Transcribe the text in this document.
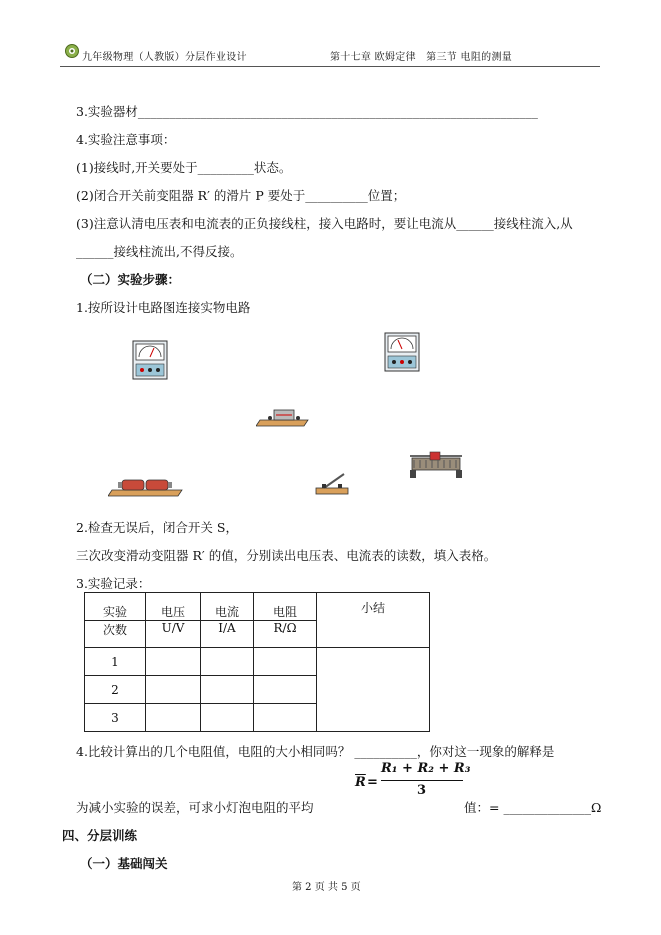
九年级物理（人教版）分层作业设计	第十七章 欧姆定律　第三节 电阻的测量
3.实验器材________________________________________________________________
4.实验注意事项：
(1)接线时,开关要处于_________状态。
(2)闭合开关前变阻器 R′ 的滑片 P 要处于__________位置；
(3)注意认清电压表和电流表的正负接线柱，接入电路时，要让电流从______接线柱流入,从
______接线柱流出,不得反接。
（二）实验步骤：
1.按所设计电路图连接实物电路
2.检查无误后，闭合开关 S，
三次改变滑动变阻器 R′ 的值，分别读出电压表、电流表的读数，填入表格。
3.实验记录：
实验	电压	电流	电阻	小结
次数	U/V	I/A	R/Ω	
1				
2				
3				
4.比较计算出的几个电阻值，电阻的大小相同吗？ __________，你对这一现象的解释是
$\overline{R}$ =
R₁ + R₂ + R₃
3
为减小实验的误差，可求小灯泡电阻的平均	值：= ______________Ω
四、分层训练
（一）基础闯关
第 2 页 共 5 页
